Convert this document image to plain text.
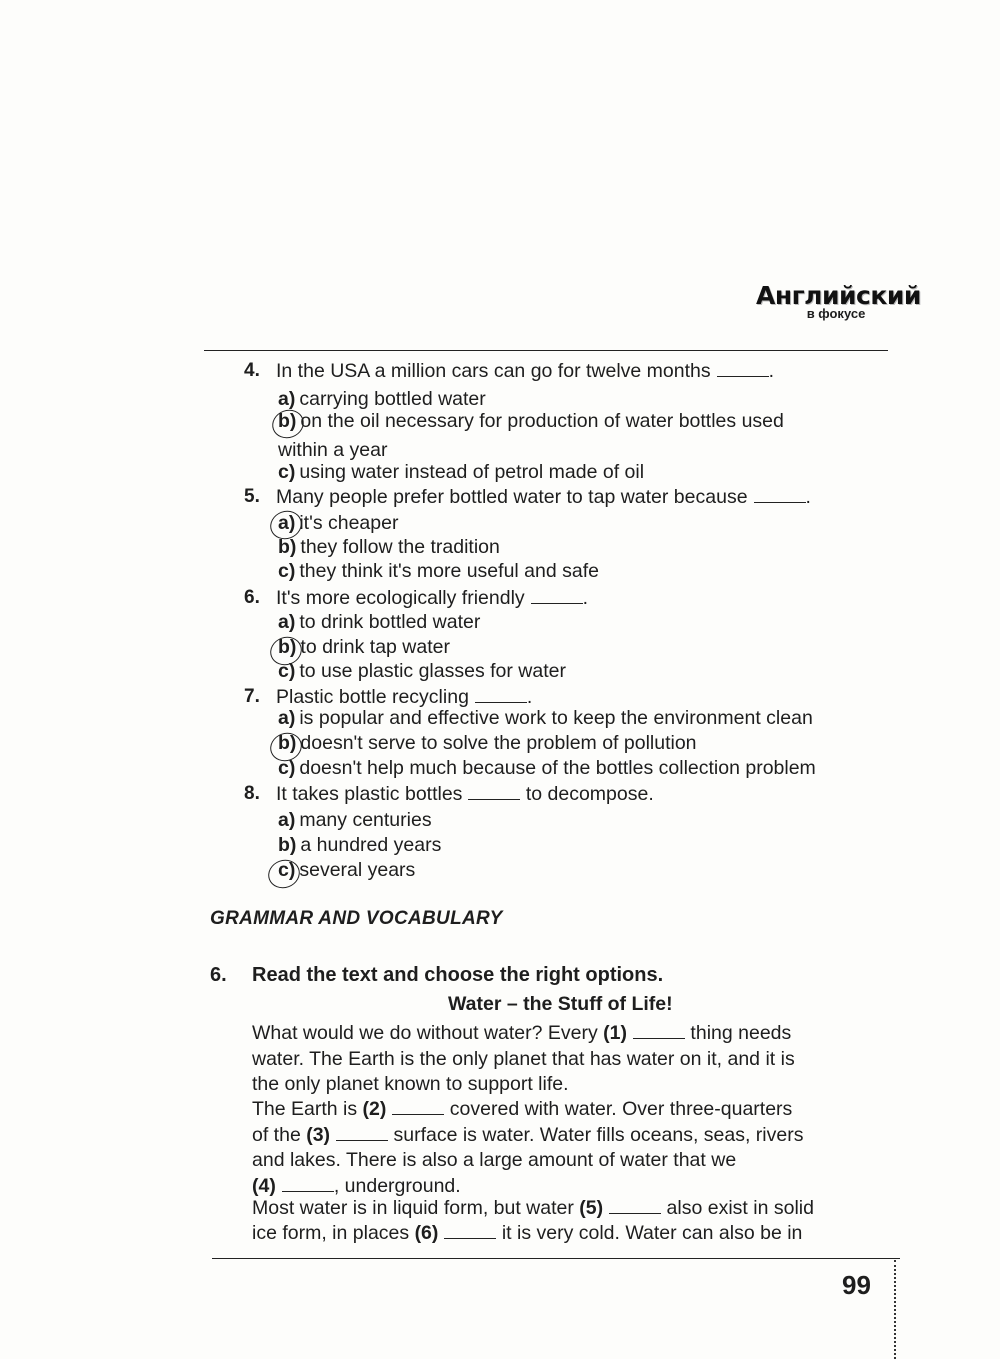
Английский
в фокусе
4. In the USA a million cars can go for twelve months	.
a) carrying bottled water
b) on the oil necessary for production of water bottles used
within a year
c) using water instead of petrol made of oil
5. Many people prefer bottled water to tap water because	.
a) it's cheaper
b) they follow the tradition
c) they think it's more useful and safe
6. It's more ecologically friendly	.
a) to drink bottled water
b) to drink tap water
c) to use plastic glasses for water
7. Plastic bottle recycling	.
a) is popular and effective work to keep the environment clean
b) doesn't serve to solve the problem of pollution
c) doesn't help much because of the bottles collection problem
8. It takes plastic bottles	to decompose.
a) many centuries
b) a hundred years
c) several years
GRAMMAR AND VOCABULARY
6. Read the text and choose the right options.
Water – the Stuff of Life!
What would we do without water? Every (1)	thing needs
water. The Earth is the only planet that has water on it, and it is
the only planet known to support life.
The Earth is (2)	covered with water. Over three-quarters
of the (3)	surface is water. Water fills oceans, seas, rivers
and lakes. There is also a large amount of water that we
(4)	, underground.
Most water is in liquid form, but water (5)	also exist in solid
ice form, in places (6)	it is very cold. Water can also be in
99
